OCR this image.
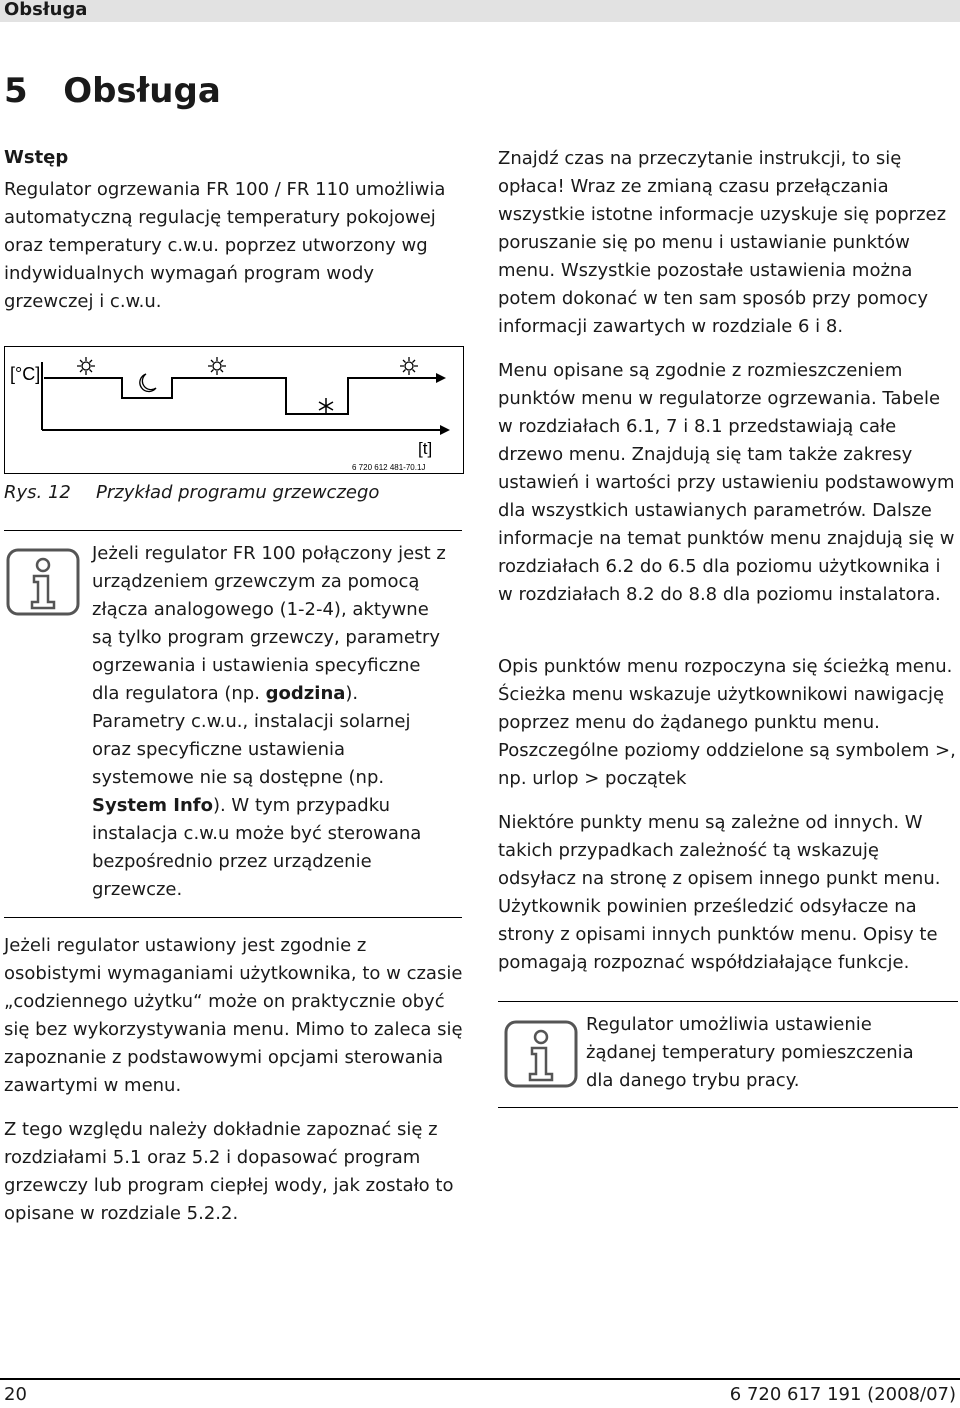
Obsługa
5 Obsługa

Wstęp

Regulator ogrzewania FR 100 / FR 110 umożliwia automatyczną regulację temperatury pokojowej oraz temperatury c.w.u. poprzez utworzony wg indywidualnych wymagań program wody grzewczej i c.w.u.

[°C]
[t]
6 720 612 481-70.1J
Rys. 12 Przykład programu grzewczego

Jeżeli regulator FR 100 połączony jest z urządzeniem grzewczym za pomocą złącza analogowego (1-2-4), aktywne są tylko program grzewczy, parametry ogrzewania i ustawienia specyficzne dla regulatora (np. godzina). Parametry c.w.u., instalacji solarnej oraz specyficzne ustawienia systemowe nie są dostępne (np. System Info). W tym przypadku instalacja c.w.u może być sterowana bezpośrednio przez urządzenie grzewcze.

Jeżeli regulator ustawiony jest zgodnie z osobistymi wymaganiami użytkownika, to w czasie „codziennego użytku“ może on praktycznie obyć się bez wykorzystywania menu. Mimo to zaleca się zapoznanie z podstawowymi opcjami sterowania zawartymi w menu.

Z tego względu należy dokładnie zapoznać się z rozdziałami 5.1 oraz 5.2 i dopasować program grzewczy lub program ciepłej wody, jak zostało to opisane w rozdziale 5.2.2.

Znajdź czas na przeczytanie instrukcji, to się opłaca! Wraz ze zmianą czasu przełączania wszystkie istotne informacje uzyskuje się poprzez poruszanie się po menu i ustawianie punktów menu. Wszystkie pozostałe ustawienia można potem dokonać w ten sam sposób przy pomocy informacji zawartych w rozdziale 6 i 8.

Menu opisane są zgodnie z rozmieszczeniem punktów menu w regulatorze ogrzewania. Tabele w rozdziałach 6.1, 7 i 8.1 przedstawiają całe drzewo menu. Znajdują się tam także zakresy ustawień i wartości przy ustawieniu podstawowym dla wszystkich ustawianych parametrów. Dalsze informacje na temat punktów menu znajdują się w rozdziałach 6.2 do 6.5 dla poziomu użytkownika i w rozdziałach 8.2 do 8.8 dla poziomu instalatora.

Opis punktów menu rozpoczyna się ścieżką menu. Ścieżka menu wskazuje użytkownikowi nawigację poprzez menu do żądanego punktu menu. Poszczególne poziomy oddzielone są symbolem >, np. urlop > początek

Niektóre punkty menu są zależne od innych. W takich przypadkach zależność tą wskazuję odsyłacz na stronę z opisem innego punkt menu. Użytkownik powinien prześledzić odsyłacze na strony z opisami innych punktów menu. Opisy te pomagają rozpoznać współdziałające funkcje.

Regulator umożliwia ustawienie żądanej temperatury pomieszczenia dla danego trybu pracy.

20	6 720 617 191 (2008/07)
